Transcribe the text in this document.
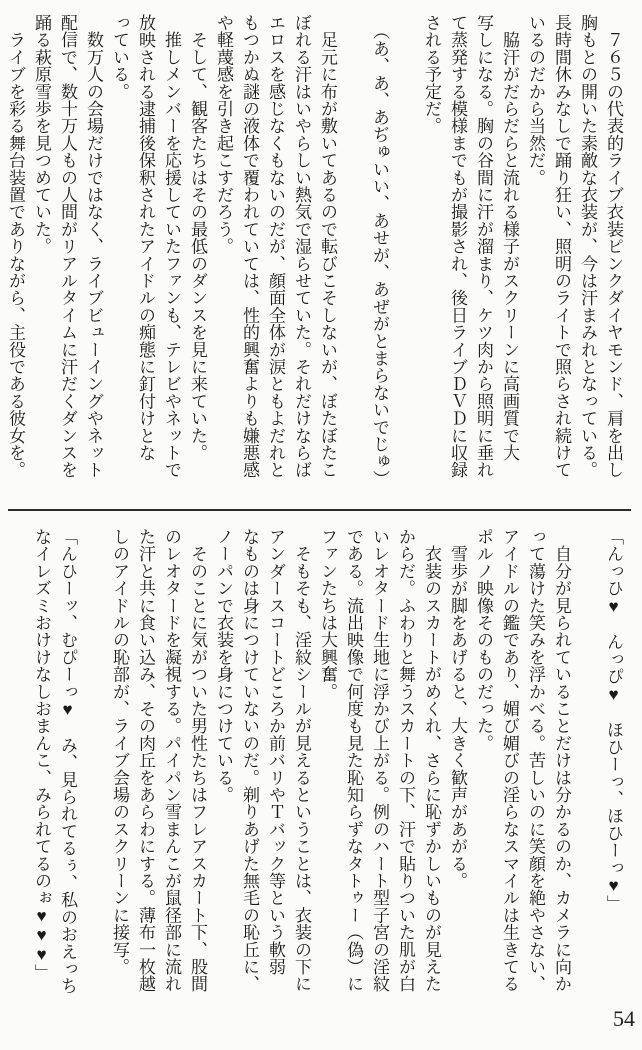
　７６５の代表的ライブ衣装ピンクダイヤモンド、肩を出し
胸もとの開いた素敵な衣装が、今は汗まみれとなっている。
長時間休みなしで踊り狂い、照明のライトで照らされ続けて
いるのだから当然だ。
　脇汗がだらだらと流れる様子がスクリーンに高画質で大
写しになる。胸の谷間に汗が溜まり、ケツ肉から照明に垂れ
て蒸発する模様までもが撮影され、後日ライブＤＶＤに収録
される予定だ。
　（あ、あ、あぢゅいい、あせが、あぜがとまらないでじゅ）
　足元に布が敷いてあるので転びこそしないが、ぼたぼたこ
ぼれる汗はいやらしい熱気で湿らせていた。それだけならば
エロスを感じなくもないのだが、顔面全体が涙ともよだれと
もつかぬ謎の液体で覆われていては、性的興奮よりも嫌悪感
や軽蔑感を引き起こすだろう。
　そして、観客たちはその最低のダンスを見に来ていた。
　推しメンバーを応援していたファンも、テレビやネットで
放映される逮捕後保釈されたアイドルの痴態に釘付けとな
っている。
　数万人の会場だけではなく、ライブビューイングやネット
配信で、数十万人もの人間がリアルタイムに汗だくダンスを
踊る萩原雪歩を見つめていた。
　ライブを彩る舞台装置でありながら、主役である彼女を。
「んっひ♥　んっぴ♥　ほひーっ、ほひーっ♥」
　自分が見られていることだけは分かるのか、カメラに向か
って蕩けた笑みを浮かべる。苦しいのに笑顔を絶やさない、
アイドルの鑑であり、媚び媚びの淫らなスマイルは生きてる
ポルノ映像そのものだった。
　雪歩が脚をあげると、大きく歓声があがる。
　衣装のスカートがめくれ、さらに恥ずかしいものが見えた
からだ。ふわりと舞うスカートの下、汗で貼りついた肌が白
いレオタード生地に浮かび上がる。例のハート型子宮の淫紋
である。流出映像で何度も見た恥知らずなタトゥー（偽）に
ファンたちは大興奮。
　そもそも、淫紋シールが見えるということは、衣装の下に
アンダースコートどころか前バリやＴバック等という軟弱
なものは身につけていないのだ。剃りあげた無毛の恥丘に、
ノーパンで衣装を身につけている。
　そのことに気がついた男性たちはフレアスカート下、股間
のレオタードを凝視する。パイパン雪まんこが鼠径部に流れ
た汗と共に食い込み、その肉丘をあらわにする。薄布一枚越
しのアイドルの恥部が、ライブ会場のスクリーンに接写。
「んひーッ、むぴーっ♥　み、見られてるぅ、私のおえっち
なイレズミおけけなしおまんこ、みられてるのぉ♥♥♥」
54
